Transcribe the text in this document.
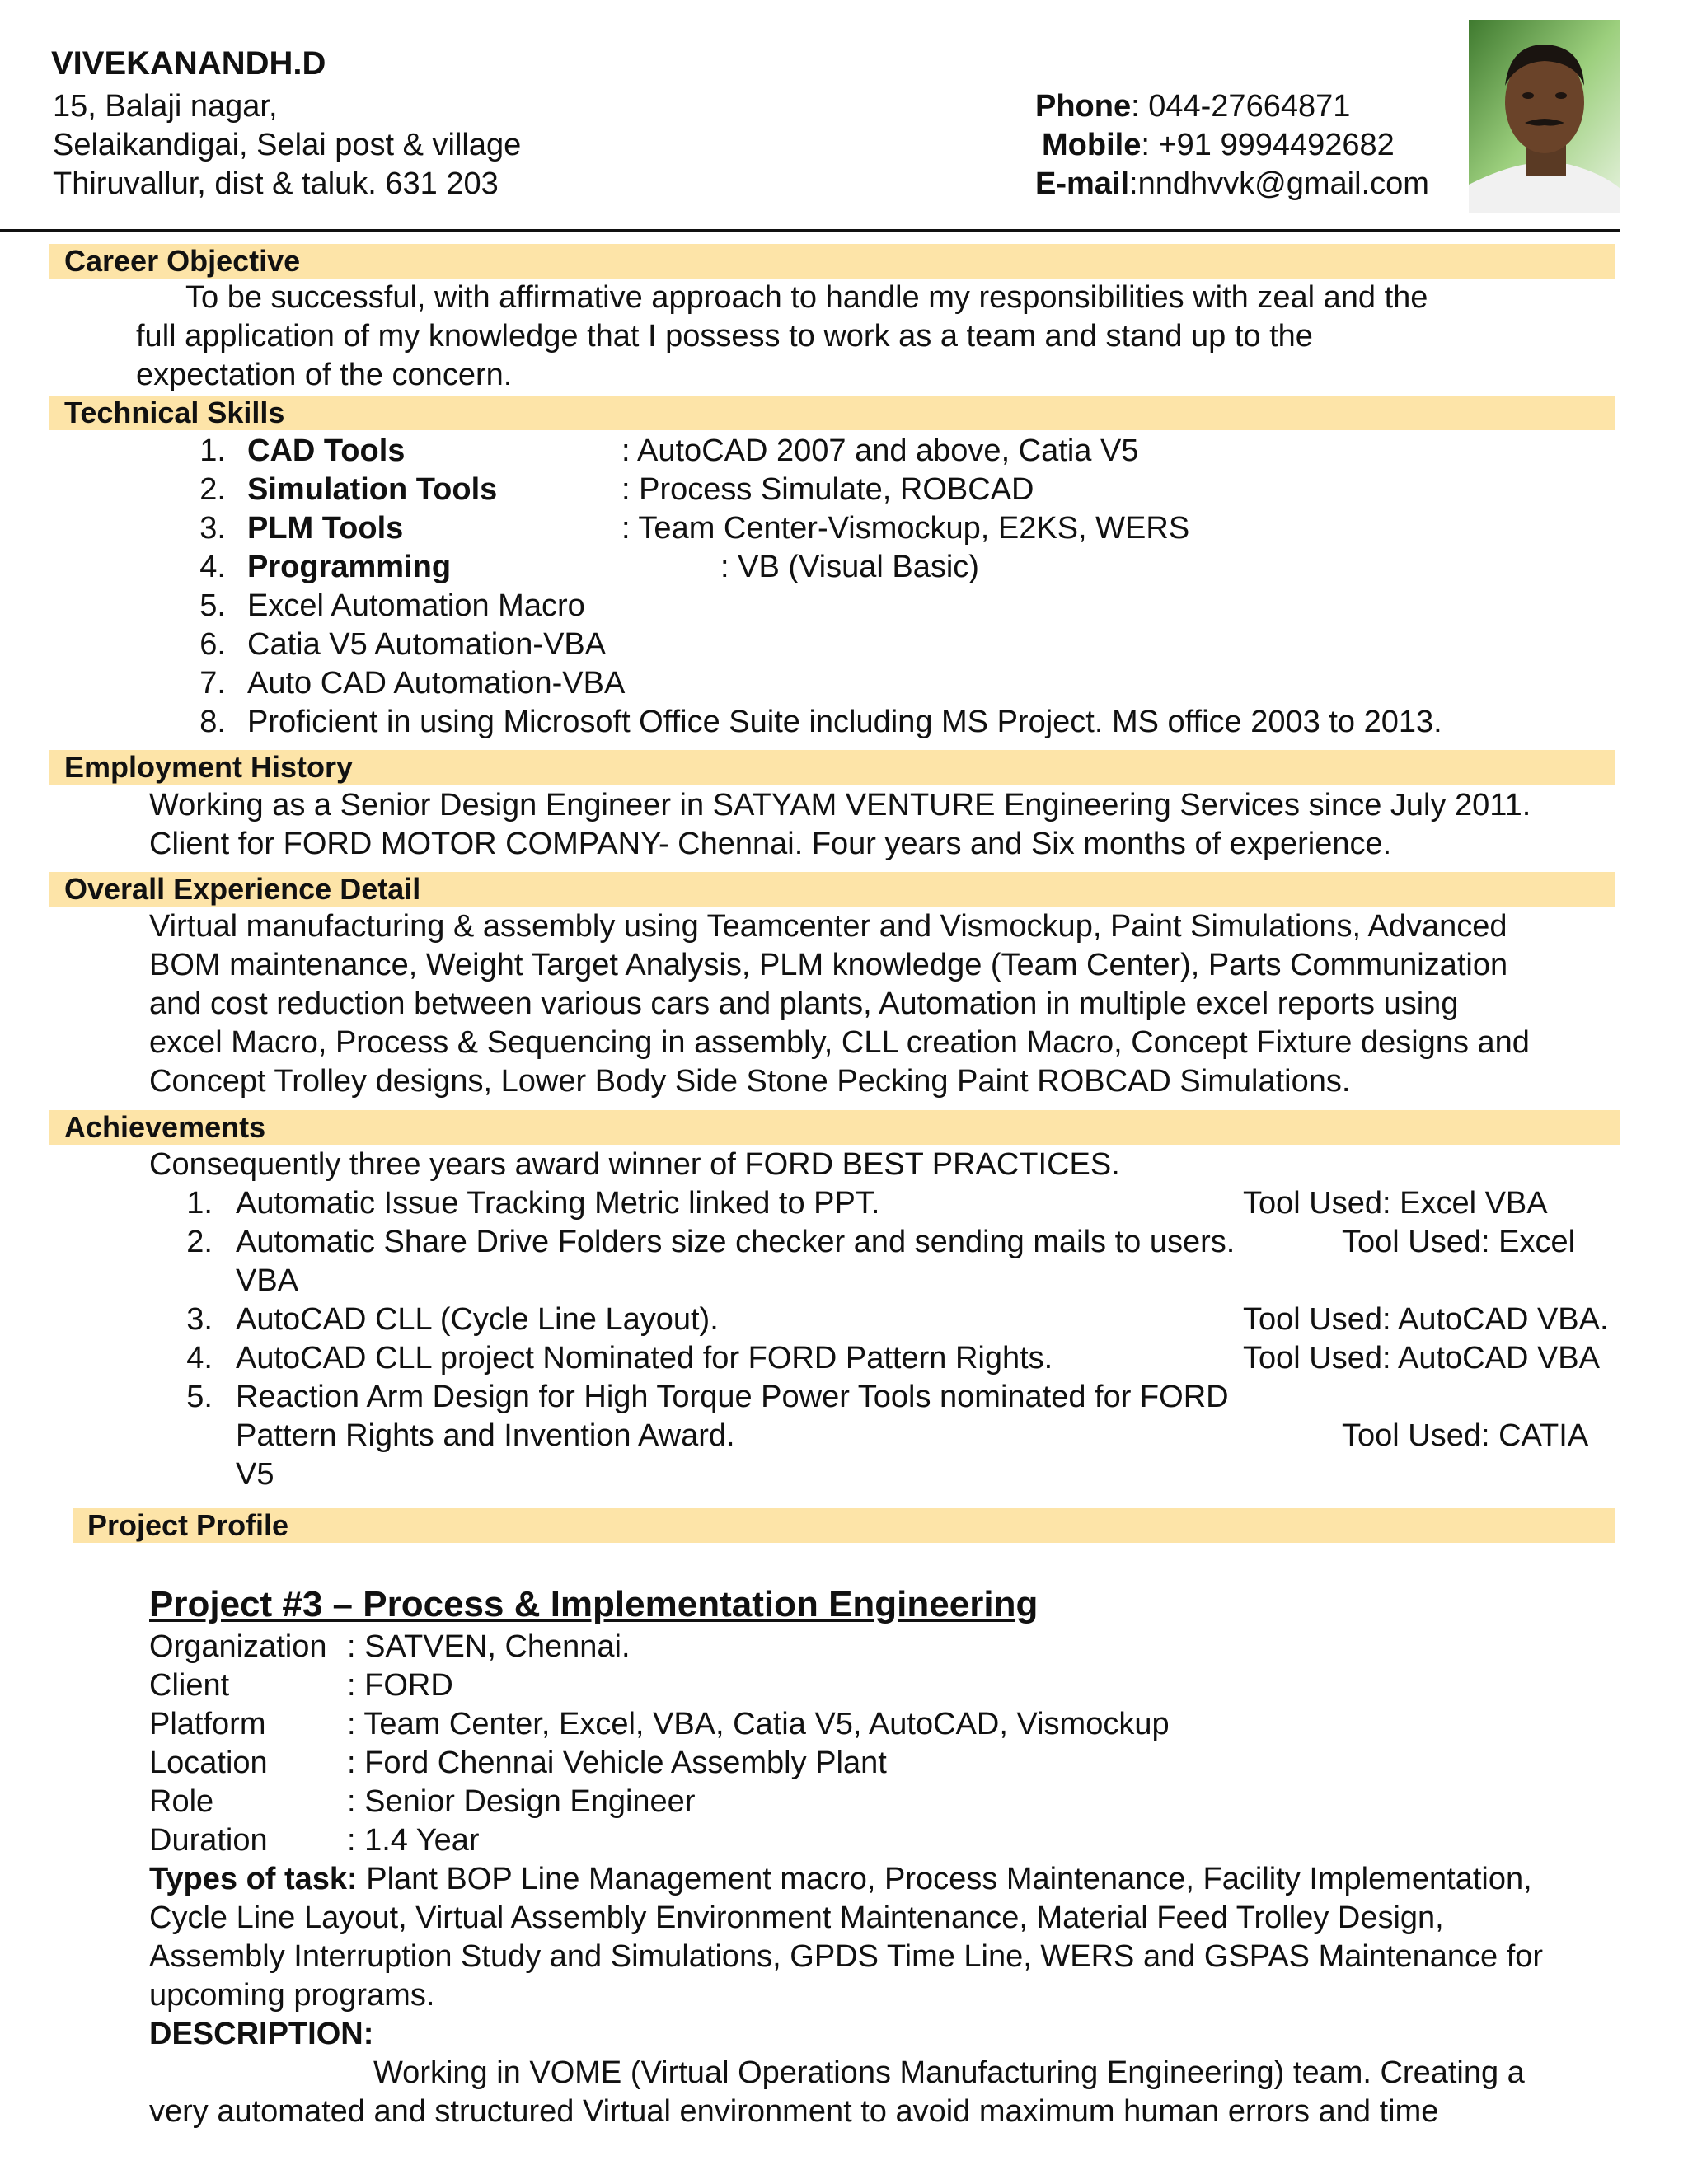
VIVEKANANDH.D
15, Balaji nagar,
Selaikandigai, Selai post & village
Thiruvallur, dist & taluk. 631 203
Phone: 044-27664871
Mobile: +91 9994492682
E-mail:nndhvvk@gmail.com
Career Objective
To be successful, with affirmative approach to handle my responsibilities with zeal and the
full application of my knowledge that I possess to work as a team and stand up to the
expectation of the concern.
Technical Skills
1. CAD Tools	: AutoCAD 2007 and above, Catia V5
2. Simulation Tools	: Process Simulate, ROBCAD
3. PLM Tools	: Team Center-Vismockup, E2KS, WERS
4. Programming	: VB (Visual Basic)
5. Excel Automation Macro
6. Catia V5 Automation-VBA
7. Auto CAD Automation-VBA
8. Proficient in using Microsoft Office Suite including MS Project. MS office 2003 to 2013.
Employment History
Working as a Senior Design Engineer in SATYAM VENTURE Engineering Services since July 2011.
Client for FORD MOTOR COMPANY- Chennai. Four years and Six months of experience.
Overall Experience Detail
Virtual manufacturing & assembly using Teamcenter and Vismockup, Paint Simulations, Advanced
BOM maintenance, Weight Target Analysis, PLM knowledge (Team Center), Parts Communization
and cost reduction between various cars and plants, Automation in multiple excel reports using
excel Macro, Process & Sequencing in assembly, CLL creation Macro, Concept Fixture designs and
Concept Trolley designs, Lower Body Side Stone Pecking Paint ROBCAD Simulations.
Achievements
Consequently three years award winner of FORD BEST PRACTICES.
1. Automatic Issue Tracking Metric linked to PPT.	Tool Used: Excel VBA
2. Automatic Share Drive Folders size checker and sending mails to users.	Tool Used: Excel
VBA
3. AutoCAD CLL (Cycle Line Layout).	Tool Used: AutoCAD VBA.
4. AutoCAD CLL project Nominated for FORD Pattern Rights.	Tool Used: AutoCAD VBA
5. Reaction Arm Design for High Torque Power Tools nominated for FORD
Pattern Rights and Invention Award.	Tool Used: CATIA
V5
Project Profile
Project #3 – Process & Implementation Engineering
Organization : SATVEN, Chennai.
Client	: FORD
Platform	: Team Center, Excel, VBA, Catia V5, AutoCAD, Vismockup
Location	: Ford Chennai Vehicle Assembly Plant
Role	: Senior Design Engineer
Duration	: 1.4 Year
Types of task: Plant BOP Line Management macro, Process Maintenance, Facility Implementation,
Cycle Line Layout, Virtual Assembly Environment Maintenance, Material Feed Trolley Design,
Assembly Interruption Study and Simulations, GPDS Time Line, WERS and GSPAS Maintenance for
upcoming programs.
DESCRIPTION:
Working in VOME (Virtual Operations Manufacturing Engineering) team. Creating a
very automated and structured Virtual environment to avoid maximum human errors and time
